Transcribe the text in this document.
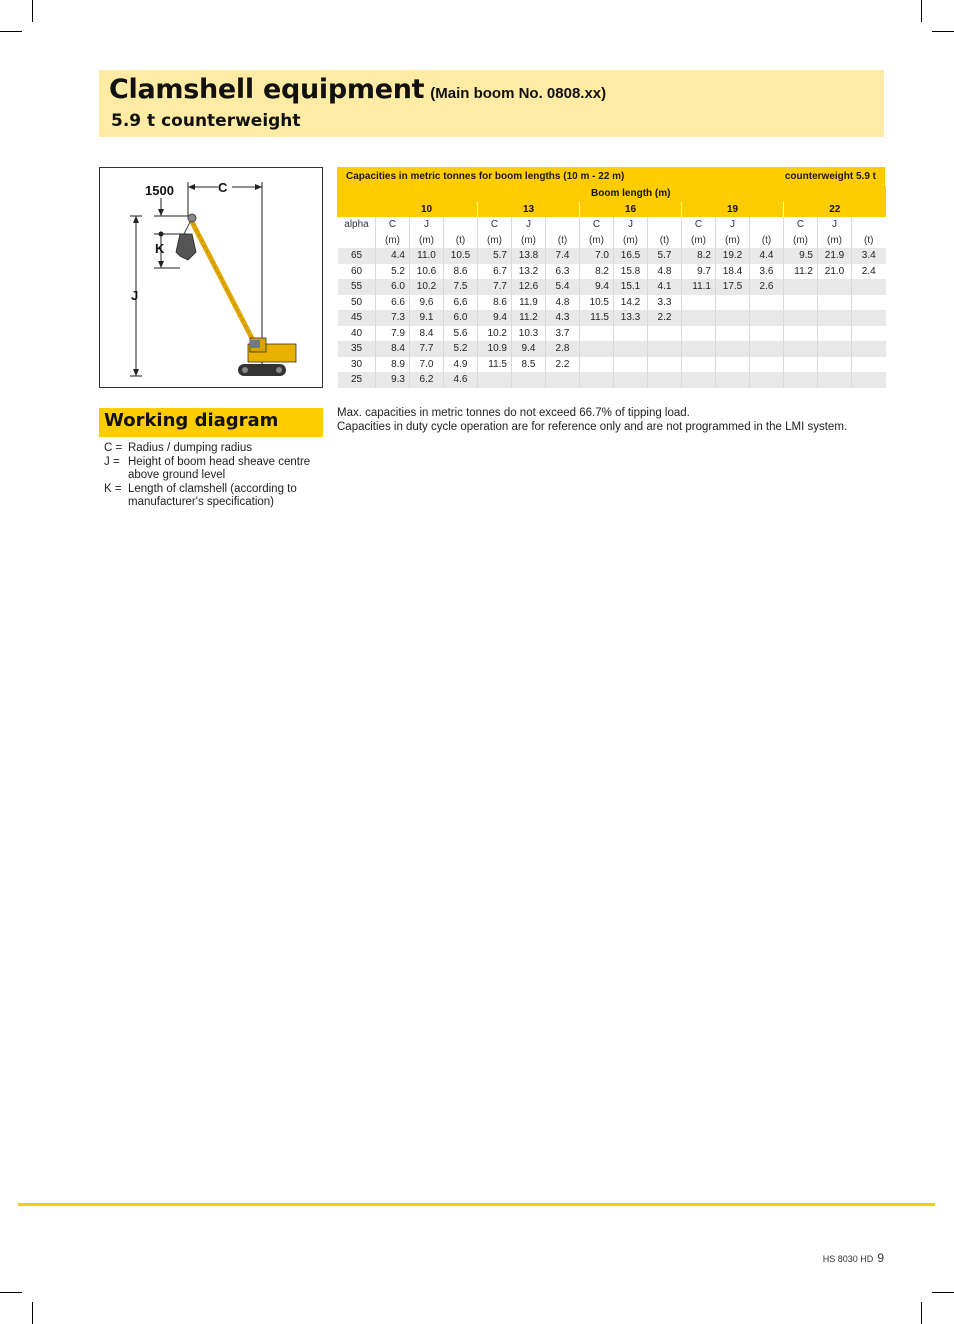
Clamshell equipment (Main boom No. 0808.xx)
5.9 t counterweight
1500	C
K
J
Working diagram
C = Radius / dumping radius
J = Height of boom head sheave centre above ground level
K = Length of clamshell (according to manufacturer's specification)
Capacities in metric tonnes for boom lengths (10 m - 22 m)	counterweight 5.9 t
	Boom length (m)														
	10			13			16			19			22		
alpha	C	J		C	J		C	J		C	J		C	J	
	(m)	(m)	(t)	(m)	(m)	(t)	(m)	(m)	(t)	(m)	(m)	(t)	(m)	(m)	(t)
65	4.4	11.0	10.5	5.7	13.8	7.4	7.0	16.5	5.7	8.2	19.2	4.4	9.5	21.9	3.4
60	5.2	10.6	8.6	6.7	13.2	6.3	8.2	15.8	4.8	9.7	18.4	3.6	11.2	21.0	2.4
55	6.0	10.2	7.5	7.7	12.6	5.4	9.4	15.1	4.1	11.1	17.5	2.6			
50	6.6	9.6	6.6	8.6	11.9	4.8	10.5	14.2	3.3						
45	7.3	9.1	6.0	9.4	11.2	4.3	11.5	13.3	2.2						
40	7.9	8.4	5.6	10.2	10.3	3.7									
35	8.4	7.7	5.2	10.9	9.4	2.8									
30	8.9	7.0	4.9	11.5	8.5	2.2									
25	9.3	6.2	4.6												
Max. capacities in metric tonnes do not exceed 66.7% of tipping load.
Capacities in duty cycle operation are for reference only and are not programmed in the LMI system.
HS 8030 HD 9
